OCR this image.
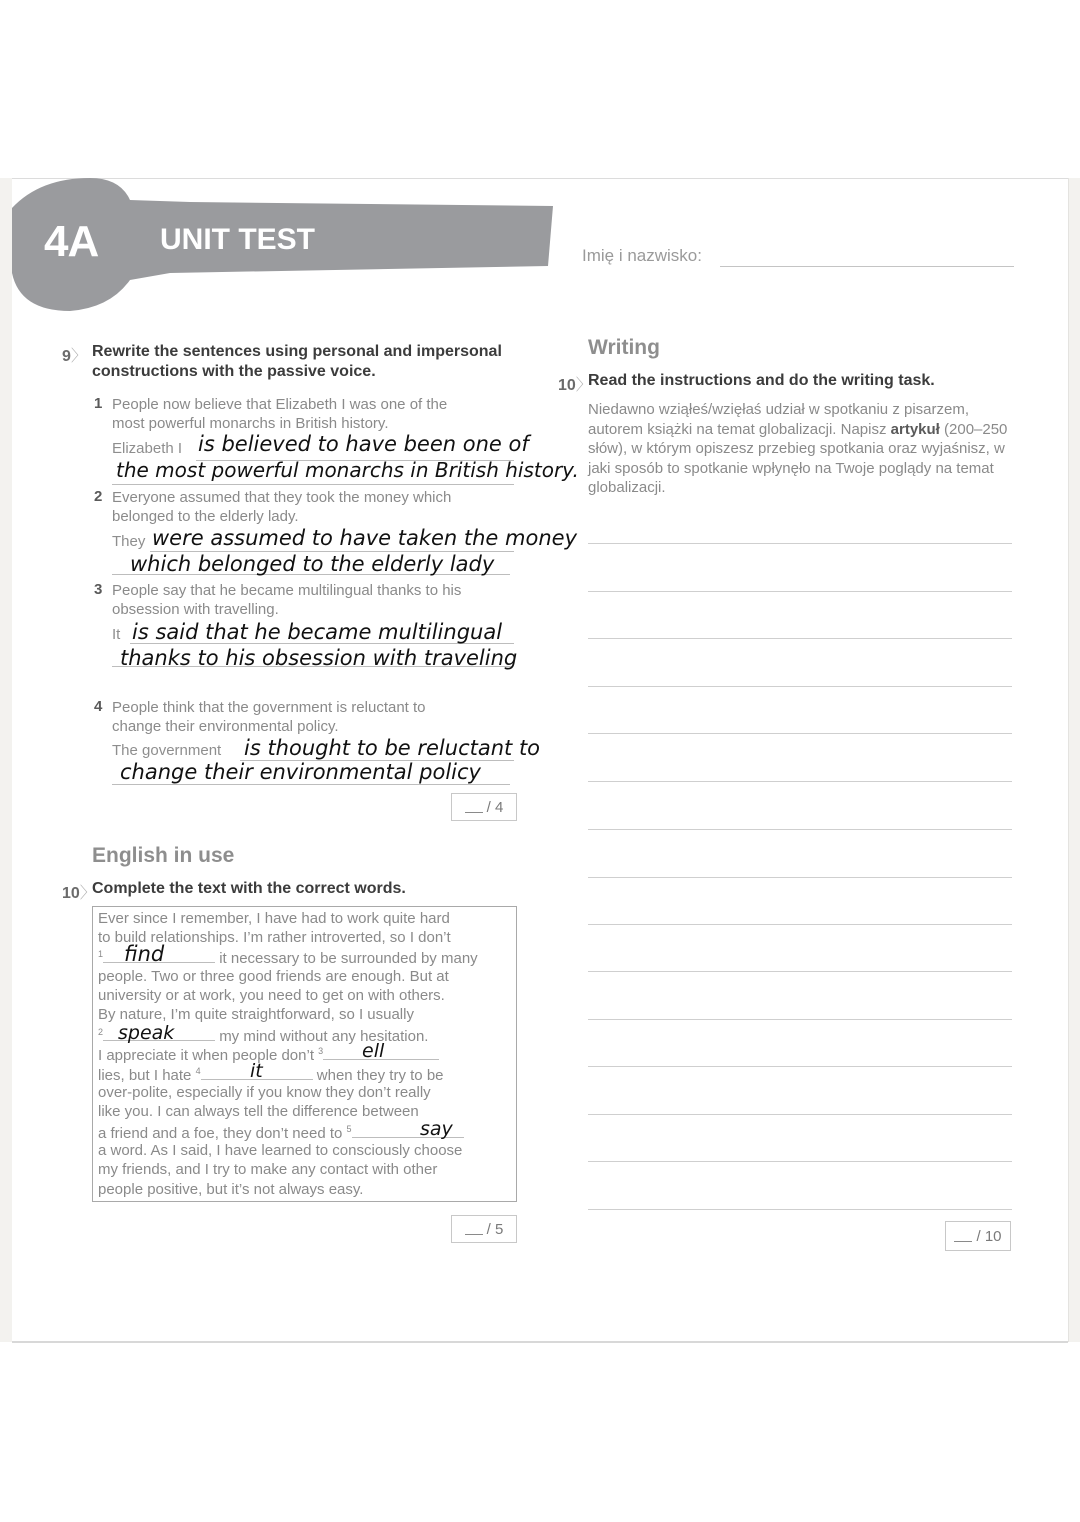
4A UNIT TEST	Imię i nazwisko:
9〉 Rewrite the sentences using personal and impersonal
constructions with the passive voice.
1 People now believe that Elizabeth I was one of the
most powerful monarchs in British history.
Elizabeth I is believed to have been one of
the most powerful monarchs in British history.
2 Everyone assumed that they took the money which
belonged to the elderly lady.
They were assumed to have taken the money
which belonged to the elderly lady
3 People say that he became multilingual thanks to his
obsession with travelling.
It is said that he became multilingual
thanks to his obsession with traveling
4 People think that the government is reluctant to
change their environmental policy.
The government is thought to be reluctant to
change their environmental policy
/ 4
English in use
10〉
Complete the text with the correct words.
Ever since I remember, I have had to work quite hard
to build relationships. I’m rather introverted, so I don’t
$^1$	it necessary to be surrounded by many
find
people. Two or three good friends are enough. But at
university or at work, you need to get on with others.
By nature, I’m quite straightforward, so I usually
$^2$	my mind without any hesitation.
speak
I appreciate it when people don’t $^3$	ell
lies, but I hate $^4$	when they try to be
it
over-polite, especially if you know they don’t really
like you. I can always tell the difference between
a friend and a foe, they don’t need to $^5$	say
a word. As I said, I have learned to consciously choose
my friends, and I try to make any contact with other
people positive, but it’s not always easy.
/ 5
Writing
10〉
Read the instructions and do the writing task.
Niedawno wziąłeś/wzięłaś udział w spotkaniu z pisarzem, autorem książki na temat globalizacji. Napisz artykuł (200–250 słów), w którym opiszesz przebieg spotkania oraz wyjaśnisz, w jaki sposób to spotkanie wpłynęło na Twoje poglądy na temat globalizacji.
/ 10
